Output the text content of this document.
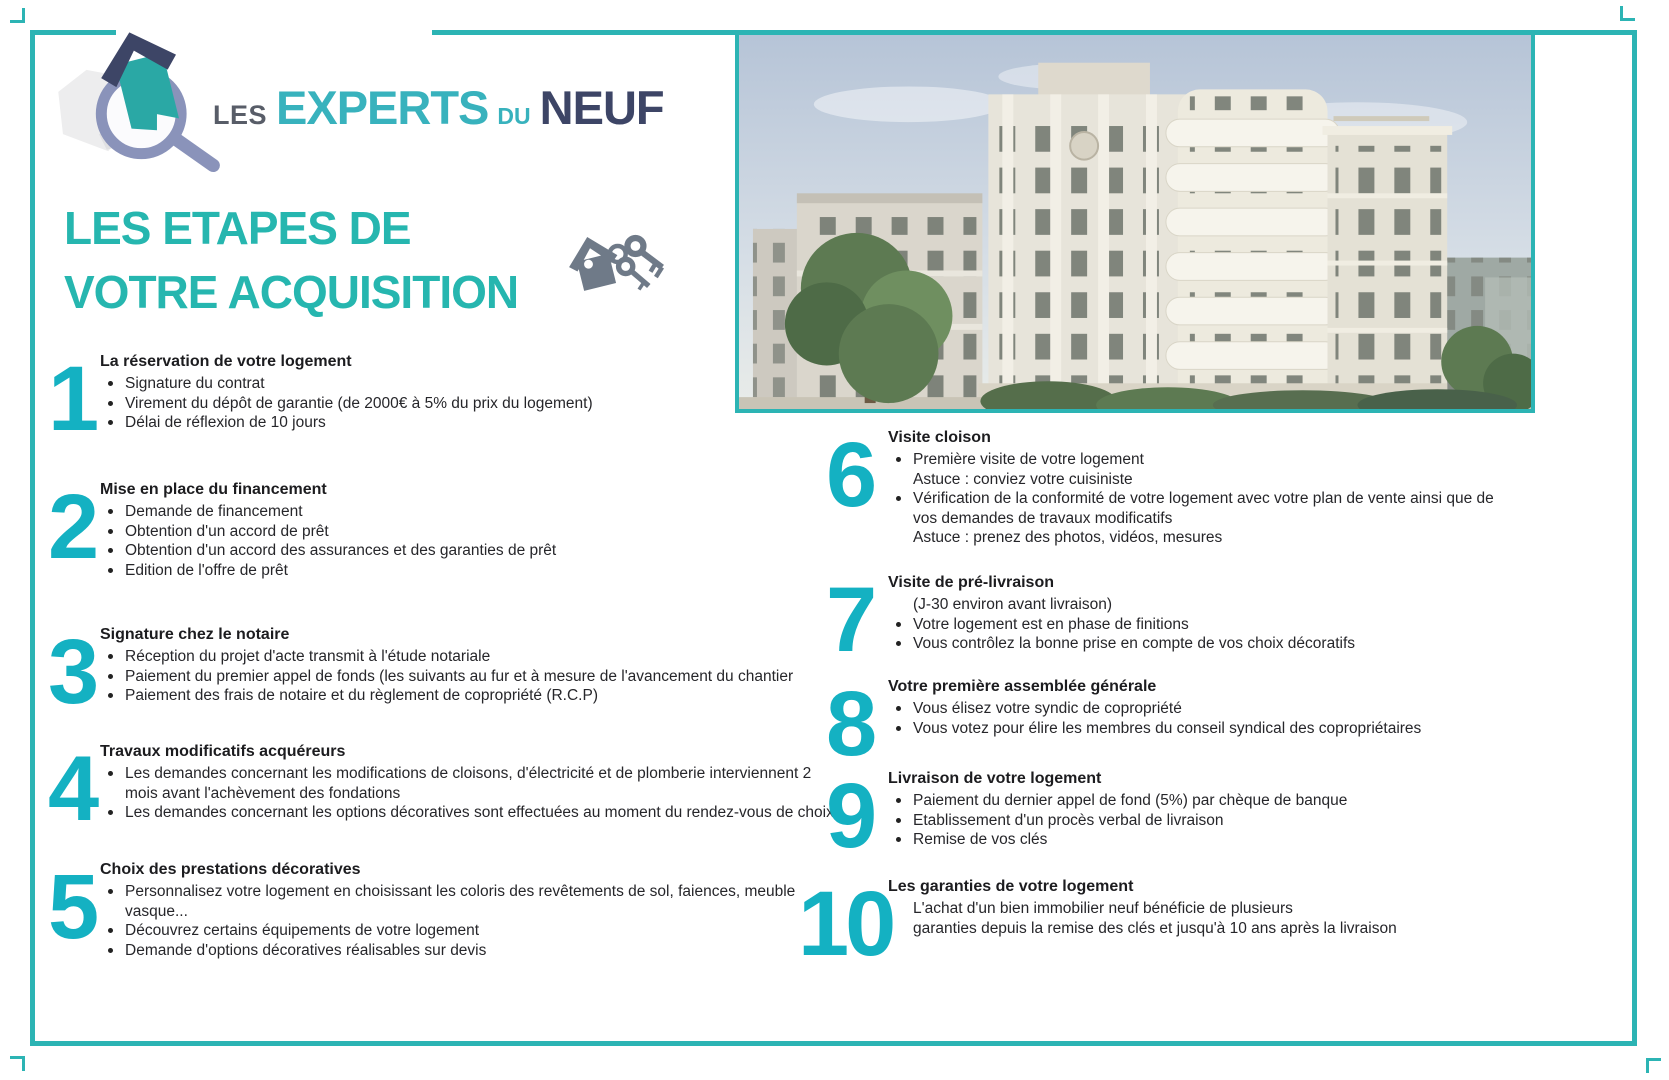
LES EXPERTS DU NEUF
LES ETAPES DE
VOTRE ACQUISITION
1 La réservation de votre logement

Signature du contrat
Virement du dépôt de garantie (de 2000€ à 5% du prix du logement)
Délai de réflexion de 10 jours
2 Mise en place du financement

Demande de financement
Obtention d'un accord de prêt
Obtention d'un accord des assurances et des garanties de prêt
Edition de l'offre de prêt
3 Signature chez le notaire

Réception du projet d'acte transmit à l'étude notariale
Paiement du premier appel de fonds (les suivants au fur et à mesure de l'avancement du chantier
Paiement des frais de notaire et du règlement de copropriété (R.C.P)
4 Travaux modificatifs acquéreurs

Les demandes concernant les modifications de cloisons, d'électricité et de plomberie interviennent 2 mois avant l'achèvement des fondations
Les demandes concernant les options décoratives sont effectuées au moment du rendez-vous de choix
5 Choix des prestations décoratives

Personnalisez votre logement en choisissant les coloris des revêtements de sol, faiences, meuble vasque...
Découvrez certains équipements de votre logement
Demande d'options décoratives réalisables sur devis
6 Visite cloison

Première visite de votre logement
Astuce : conviez votre cuisiniste
Vérification de la conformité de votre logement avec votre plan de vente ainsi que de vos demandes de travaux modificatifs
Astuce : prenez des photos, vidéos, mesures
7 Visite de pré-livraison

(J-30 environ avant livraison)
Votre logement est en phase de finitions
Vous contrôlez la bonne prise en compte de vos choix décoratifs
8 Votre première assemblée générale

Vous élisez votre syndic de copropriété
Vous votez pour élire les membres du conseil syndical des copropriétaires
9 Livraison de votre logement

Paiement du dernier appel de fond (5%) par chèque de banque
Etablissement d'un procès verbal de livraison
Remise de vos clés
10

Les garanties de votre logement

L'achat d'un bien immobilier neuf bénéficie de plusieurs
garanties depuis la remise des clés et jusqu'à 10 ans après la livraison
